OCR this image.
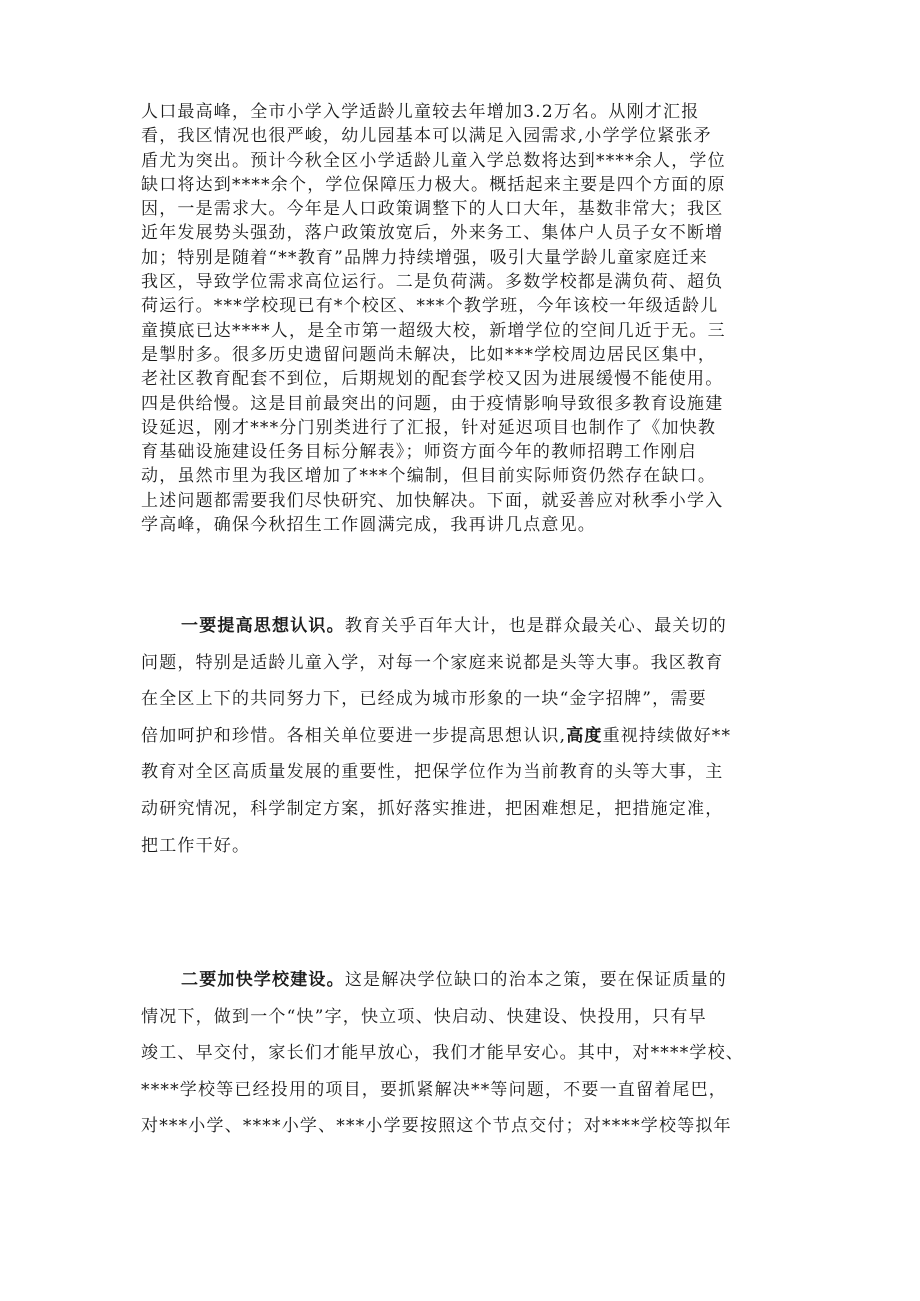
人口最高峰，全市小学入学适龄儿童较去年增加3.2万名。从刚才汇报
看，我区情况也很严峻，幼儿园基本可以满足入园需求,小学学位紧张矛
盾尤为突出。预计今秋全区小学适龄儿童入学总数将达到****余人，学位
缺口将达到****余个，学位保障压力极大。概括起来主要是四个方面的原
因，一是需求大。今年是人口政策调整下的人口大年，基数非常大；我区
近年发展势头强劲，落户政策放宽后，外来务工、集体户人员子女不断增
加；特别是随着“**教育”品牌力持续增强，吸引大量学龄儿童家庭迁来
我区，导致学位需求高位运行。二是负荷满。多数学校都是满负荷、超负
荷运行。***学校现已有*个校区、***个教学班，今年该校一年级适龄儿
童摸底已达****人，是全市第一超级大校，新增学位的空间几近于无。三
是掣肘多。很多历史遗留问题尚未解决，比如***学校周边居民区集中，
老社区教育配套不到位，后期规划的配套学校又因为进展缓慢不能使用。
四是供给慢。这是目前最突出的问题，由于疫情影响导致很多教育设施建
设延迟，刚才***分门别类进行了汇报，针对延迟项目也制作了《加快教
育基础设施建设任务目标分解表》；师资方面今年的教师招聘工作刚启
动，虽然市里为我区增加了***个编制，但目前实际师资仍然存在缺口。
上述问题都需要我们尽快研究、加快解决。下面，就妥善应对秋季小学入
学高峰，确保今秋招生工作圆满完成，我再讲几点意见。
一要提高思想认识。教育关乎百年大计，也是群众最关心、最关切的
问题，特别是适龄儿童入学，对每一个家庭来说都是头等大事。我区教育
在全区上下的共同努力下，已经成为城市形象的一块“金字招牌”，需要
倍加呵护和珍惜。各相关单位要进一步提高思想认识,高度重视持续做好**
教育对全区高质量发展的重要性，把保学位作为当前教育的头等大事，主
动研究情况，科学制定方案，抓好落实推进，把困难想足，把措施定准，
把工作干好。
二要加快学校建设。这是解决学位缺口的治本之策，要在保证质量的
情况下，做到一个“快”字，快立项、快启动、快建设、快投用，只有早
竣工、早交付，家长们才能早放心，我们才能早安心。其中，对****学校、
****学校等已经投用的项目，要抓紧解决**等问题，不要一直留着尾巴，
对***小学、****小学、***小学要按照这个节点交付；对****学校等拟年
